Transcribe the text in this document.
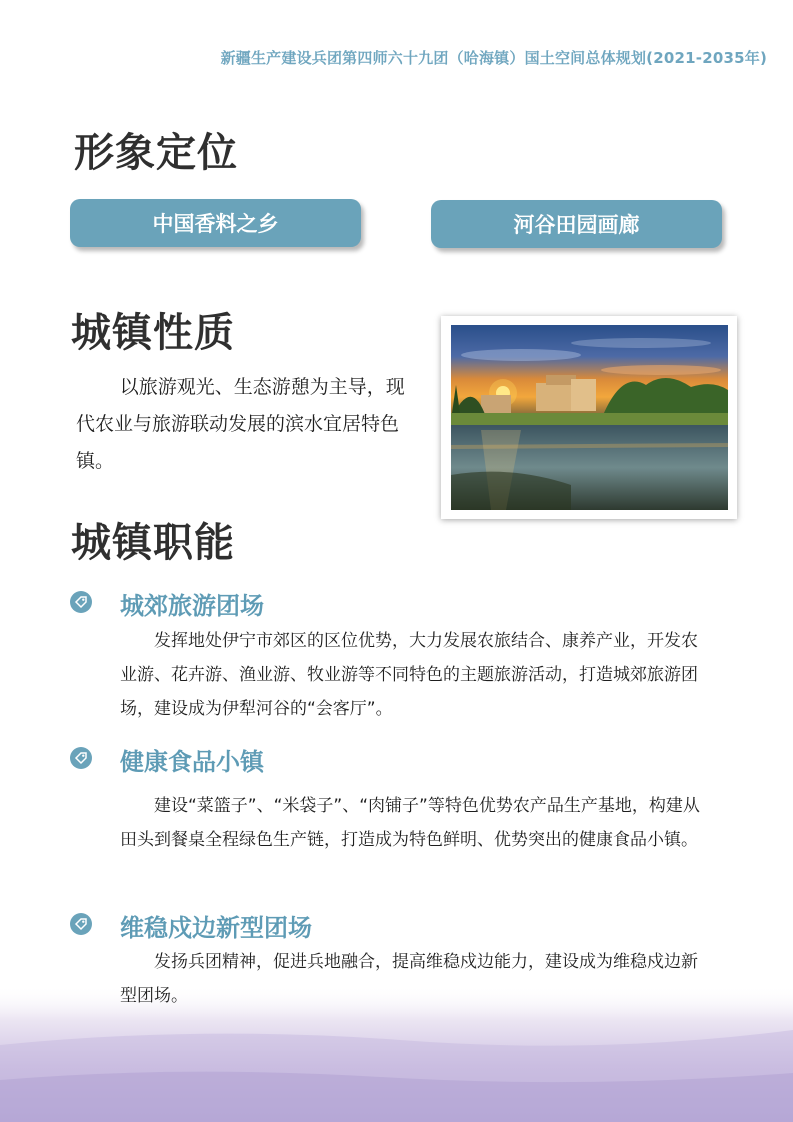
新疆生产建设兵团第四师六十九团（哈海镇）国土空间总体规划(2021-2035年)
形象定位
中国香料之乡	河谷田园画廊
城镇性质
以旅游观光、生态游憩为主导，现代农业与旅游联动发展的滨水宜居特色镇。
城镇职能
城郊旅游团场
发挥地处伊宁市郊区的区位优势，大力发展农旅结合、康养产业，开发农业游、花卉游、渔业游、牧业游等不同特色的主题旅游活动，打造城郊旅游团场，建设成为伊犁河谷的“会客厅”。
健康食品小镇
建设“菜篮子”、“米袋子”、“肉铺子”等特色优势农产品生产基地，构建从田头到餐桌全程绿色生产链，打造成为特色鲜明、优势突出的健康食品小镇。
维稳戍边新型团场
发扬兵团精神，促进兵地融合，提高维稳戍边能力，建设成为维稳戍边新型团场。
